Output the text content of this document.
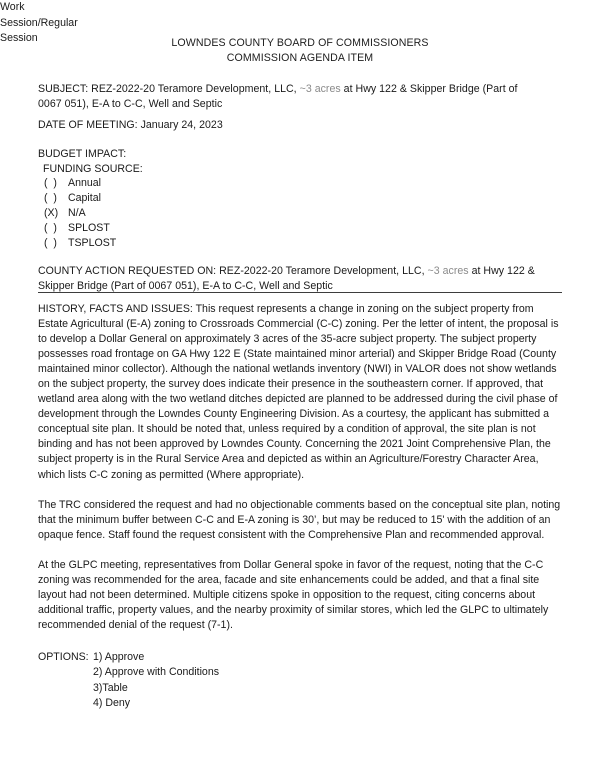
LOWNDES COUNTY BOARD OF COMMISSIONERS
COMMISSION AGENDA ITEM
SUBJECT: REZ-2022-20 Teramore Development, LLC, ~3 acres at Hwy 122 & Skipper Bridge (Part of 0067 051), E-A to C-C, Well and Septic
DATE OF MEETING: January 24, 2023
Work
Session/Regular
Session
BUDGET IMPACT:
FUNDING SOURCE:
(  ) Annual
(  ) Capital
(X) N/A
(  ) SPLOST
(  ) TSPLOST
COUNTY ACTION REQUESTED ON: REZ-2022-20 Teramore Development, LLC, ~3 acres at Hwy 122 & Skipper Bridge (Part of 0067 051), E-A to C-C, Well and Septic

HISTORY, FACTS AND ISSUES: This request represents a change in zoning on the subject property from Estate Agricultural (E-A) zoning to Crossroads Commercial (C-C) zoning. Per the letter of intent, the proposal is to develop a Dollar General on approximately 3 acres of the 35-acre subject property. The subject property possesses road frontage on GA Hwy 122 E (State maintained minor arterial) and Skipper Bridge Road (County maintained minor collector). Although the national wetlands inventory (NWI) in VALOR does not show wetlands on the subject property, the survey does indicate their presence in the southeastern corner. If approved, that wetland area along with the two wetland ditches depicted are planned to be addressed during the civil phase of development through the Lowndes County Engineering Division. As a courtesy, the applicant has submitted a conceptual site plan. It should be noted that, unless required by a condition of approval, the site plan is not binding and has not been approved by Lowndes County. Concerning the 2021 Joint Comprehensive Plan, the subject property is in the Rural Service Area and depicted as within an Agriculture/Forestry Character Area, which lists C-C zoning as permitted (Where appropriate).

The TRC considered the request and had no objectionable comments based on the conceptual site plan, noting that the minimum buffer between C-C and E-A zoning is 30’, but may be reduced to 15' with the addition of an opaque fence. Staff found the request consistent with the Comprehensive Plan and recommended approval.

At the GLPC meeting, representatives from Dollar General spoke in favor of the request, noting that the C-C zoning was recommended for the area, facade and site enhancements could be added, and that a final site layout had not been determined. Multiple citizens spoke in opposition to the request, citing concerns about additional traffic, property values, and the nearby proximity of similar stores, which led the GLPC to ultimately recommended denial of the request (7-1).

OPTIONS: 1) Approve
2) Approve with Conditions
3)Table
4) Deny
